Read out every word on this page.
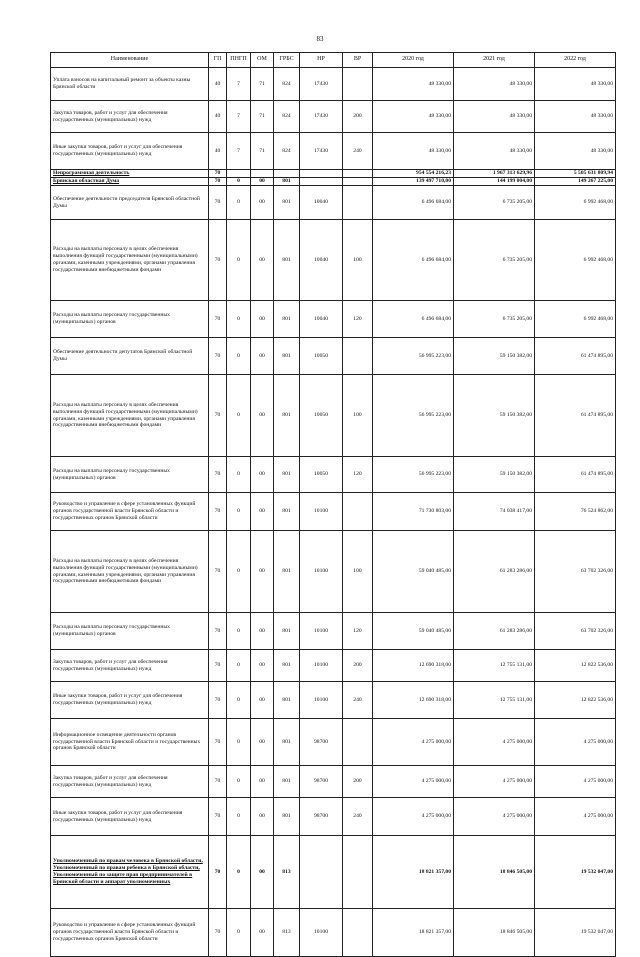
83
Наименование	ГП	ПНГП	ОМ	ГРБС	НР	ВР	2020 год	2021 год	2022 год
Уплата взносов на капитальный ремонт за объекты казны Брянской области	40	7	71	824	17430		48 330,00	48 330,00	48 330,00
Закупка товаров, работ и услуг для обеспечения государственных (муниципальных) нужд	40	7	71	824	17430	200	48 330,00	48 330,00	48 330,00
Иные закупки товаров, работ и услуг для обеспечения государственных (муниципальных) нужд	40	7	71	824	17430	240	48 330,00	48 330,00	48 330,00
Непрограммная деятельность	70						954 554 216,23	1 967 313 629,96	5 505 631 809,94
Брянская областная Дума	70	0	00	801			139 497 710,00	144 199 004,00	149 267 225,00
Обеспечение деятельности председателя Брянской областной Думы	70	0	00	801	10040		6 496 684,00	6 735 205,00	6 992 468,00
Расходы на выплаты персоналу в целях обеспечения выполнения функций государственными (муниципальными) органами, казенными учреждениями, органами управления государственными внебюджетными фондами	70	0	00	801	10040	100	6 496 684,00	6 735 205,00	6 992 468,00
Расходы на выплаты персоналу государственных (муниципальных) органов	70	0	00	801	10040	120	6 496 684,00	6 735 205,00	6 992 468,00
Обеспечение деятельности депутатов Брянской областной Думы	70	0	00	801	10050		56 995 223,00	59 150 382,00	61 474 895,00
Расходы на выплаты персоналу в целях обеспечения выполнения функций государственными (муниципальными) органами, казенными учреждениями, органами управления государственными внебюджетными фондами	70	0	00	801	10050	100	56 995 223,00	59 150 382,00	61 474 895,00
Расходы на выплаты персоналу государственных (муниципальных) органов	70	0	00	801	10050	120	56 995 223,00	59 150 382,00	61 474 895,00
Руководство и управление в сфере установленных функций органов государственной власти Брянской области и государственных органов Брянской области	70	0	00	801	10100		71 730 803,00	74 038 417,00	76 524 862,00
Расходы на выплаты персоналу в целях обеспечения выполнения функций государственными (муниципальными) органами, казенными учреждениями, органами управления государственными внебюджетными фондами	70	0	00	801	10100	100	59 040 485,00	61 283 286,00	63 702 326,00
Расходы на выплаты персоналу государственных (муниципальных) органов	70	0	00	801	10100	120	59 040 485,00	61 283 286,00	63 702 326,00
Закупка товаров, работ и услуг для обеспечения государственных (муниципальных) нужд	70	0	00	801	10100	200	12 690 318,00	12 755 131,00	12 822 536,00
Иные закупки товаров, работ и услуг для обеспечения государственных (муниципальных) нужд	70	0	00	801	10100	240	12 690 318,00	12 755 131,00	12 822 536,00
Информационное освещение деятельности органов государственной власти Брянской области и государственных органов Брянской области	70	0	00	801	98700		4 275 000,00	4 275 000,00	4 275 000,00
Закупка товаров, работ и услуг для обеспечения государственных (муниципальных) нужд	70	0	00	801	98700	200	4 275 000,00	4 275 000,00	4 275 000,00
Иные закупки товаров, работ и услуг для обеспечения государственных (муниципальных) нужд	70	0	00	801	98700	240	4 275 000,00	4 275 000,00	4 275 000,00
Уполномоченный по правам человека в Брянской области, Уполномоченный по правам ребенка в Брянской области, Уполномоченный по защите прав предпринимателей в Брянской области и аппарат уполномоченных	70	0	00	813			18 821 357,00	18 846 505,00	19 532 047,00
Руководство и управление в сфере установленных функций органов государственной власти Брянской области и государственных органов Брянской области	70	0	00	813	10100		18 821 357,00	18 846 505,00	19 532 047,00
